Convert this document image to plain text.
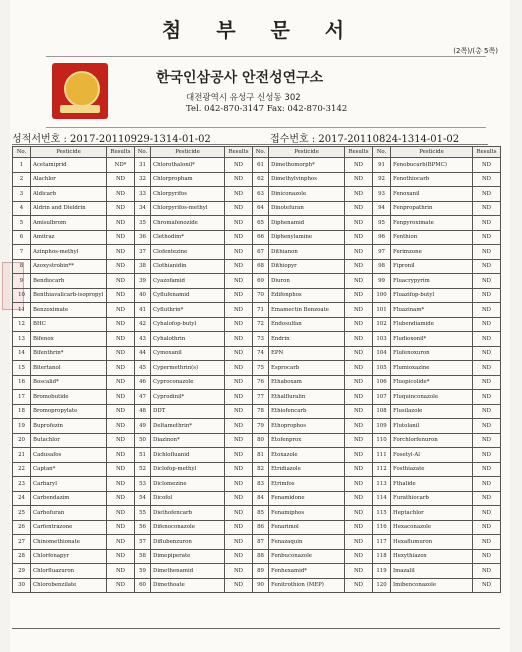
첨 부 문 서
(2쪽)/(총 5쪽)
한국인삼공사 안전성연구소
대전광역시 유성구 신성동 302
Tel. 042-870-3147 Fax: 042-870-3142
성적서번호 : 2017-20110929-1314-01-02	접수번호 : 2017-20110824-1314-01-02
No.	Pesticide	Results	No.	Pesticide	Results	No.	Pesticide	Results	No.	Pesticide	Results
1	Acetamiprid	ND*	31	Chlorothalonil*	ND	61	Dimethomorph*	ND	91	Fenobucarb(BPMC)	ND
2	Alachlor	ND	32	Chlorpropham	ND	62	Dimethylvinphos	ND	92	Fenothiocarb	ND
3	Aldicarb	ND	33	Chlorpyrifos	ND	63	Diniconazole	ND	93	Fenoxanil	ND
4	Aldrin and Dieldrin	ND	34	Chlorpyrifos-methyl	ND	64	Dinotefuran	ND	94	Fenpropathrin	ND
5	Amisulbrom	ND	35	Chromafenozide	ND	65	Diphenamid	ND	95	Fenpyroximate	ND
6	Amitraz	ND	36	Clethodim*	ND	66	Diphenylamine	ND	96	Fenthion	ND
7	Azinphos-methyl	ND	37	Clofentezine	ND	67	Dithianon	ND	97	Ferimzone	ND
8	Azoxystrobin**	ND	38	Clothianidin	ND	68	Dithiopyr	ND	98	Fipronil	ND
9	Bendiocarb	ND	39	Cyazofamid	ND	69	Diuron	ND	99	Fluacrypyrim	ND
10	Benthiavalicarb-isopropyl	ND	40	Cyflufenamid	ND	70	Edifenphos	ND	100	Fluazifop-butyl	ND
11	Benzoximate	ND	41	Cyfluthrin*	ND	71	Emamectin Benzoate	ND	101	Fluazinam*	ND
12	BHC	ND	42	Cyhalofop-butyl	ND	72	Endosulfan	ND	102	Flubendiamide	ND
13	Bifenox	ND	43	Cyhalothrin	ND	73	Endrin	ND	103	Fludioxonil*	ND
14	Bifenthrin*	ND	44	Cymoxanil	ND	74	EPN	ND	104	Flufenoxuron	ND
15	Bitertanol	ND	45	Cypermethrin(s)	ND	75	Esprocarb	ND	105	Flumioxazine	ND
16	Boscalid*	ND	46	Cyproconazole	ND	76	Ethaboxam	ND	106	Fluopicolide*	ND
17	Bromobutide	ND	47	Cyprodinil*	ND	77	Ethalfluralin	ND	107	Fluquinconazole	ND
18	Bromopropylate	ND	48	DDT	ND	78	Ethiofencarb	ND	108	Flusilazole	ND
19	Buprofezin	ND	49	Deltamethrin*	ND	79	Ethoprophos	ND	109	Flutolanil	ND
20	Butachlor	ND	50	Diazinon*	ND	80	Etofenprox	ND	110	Forchlorfenuron	ND
21	Cadusafos	ND	51	Dichlofluanid	ND	81	Etoxazole	ND	111	Fosetyl-Al	ND
22	Captan*	ND	52	Diclofop-methyl	ND	82	Etridiazole	ND	112	Fosthiazate	ND
23	Carbaryl	ND	53	Diclomezine	ND	83	Etrimfos	ND	113	Fthalide	ND
24	Carbendazim	ND	54	Dicofol	ND	84	Fenamidone	ND	114	Furathiocarb	ND
25	Carbofuran	ND	55	Diethofencarb	ND	85	Fenamiphos	ND	115	Heptachlor	ND
26	Carfentrazone	ND	56	Difenoconazole	ND	86	Fenarimol	ND	116	Hexaconazole	ND
27	Chinomethionate	ND	57	Diflubenzuron	ND	87	Fenazaquin	ND	117	Hexaflumuron	ND
28	Chlorfenapyr	ND	58	Dimepiperate	ND	88	Fenbuconazole	ND	118	Hexythiazox	ND
29	Chlorfluazuron	ND	59	Dimethenamid	ND	89	Fenhexamid*	ND	119	Imazalil	ND
30	Chlorobenzilate	ND	60	Dimethoate	ND	90	Fenitrothion (MEP)	ND	120	Imibenconazole	ND
